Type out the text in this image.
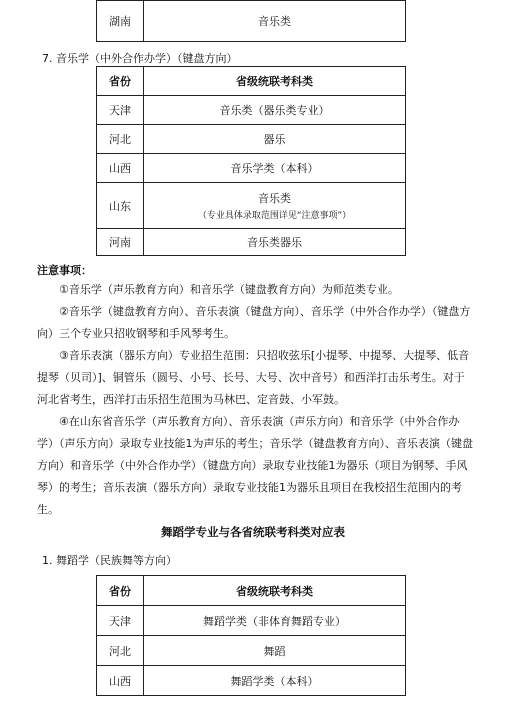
湖南	音乐类
7. 音乐学（中外合作办学）（键盘方向）
省份	省级统联考科类
天津	音乐类（器乐类专业）
河北	器乐
山西	音乐学类（本科）
山东	音乐类
（专业具体录取范围详见“注意事项”）

河南	音乐类器乐
注意事项：

①音乐学（声乐教育方向）和音乐学（键盘教育方向）为师范类专业。

②音乐学（键盘教育方向）、音乐表演（键盘方向）、音乐学（中外合作办学）（键盘方向）三个专业只招收钢琴和手风琴考生。

③音乐表演（器乐方向）专业招生范围：只招收弦乐[小提琴、中提琴、大提琴、低音提琴（贝司）]、铜管乐（圆号、小号、长号、大号、次中音号）和西洋打击乐考生。对于河北省考生，西洋打击乐招生范围为马林巴、定音鼓、小军鼓。

④在山东省音乐学（声乐教育方向）、音乐表演（声乐方向）和音乐学（中外合作办学）（声乐方向）录取专业技能1为声乐的考生；音乐学（键盘教育方向）、音乐表演（键盘方向）和音乐学（中外合作办学）（键盘方向）录取专业技能1为器乐（项目为钢琴、手风琴）的考生；音乐表演（器乐方向）录取专业技能1为器乐且项目在我校招生范围内的考生。

舞蹈学专业与各省统联考科类对应表
1. 舞蹈学（民族舞等方向）
省份	省级统联考科类
天津	舞蹈学类（非体育舞蹈专业）
河北	舞蹈
山西	舞蹈学类（本科）
